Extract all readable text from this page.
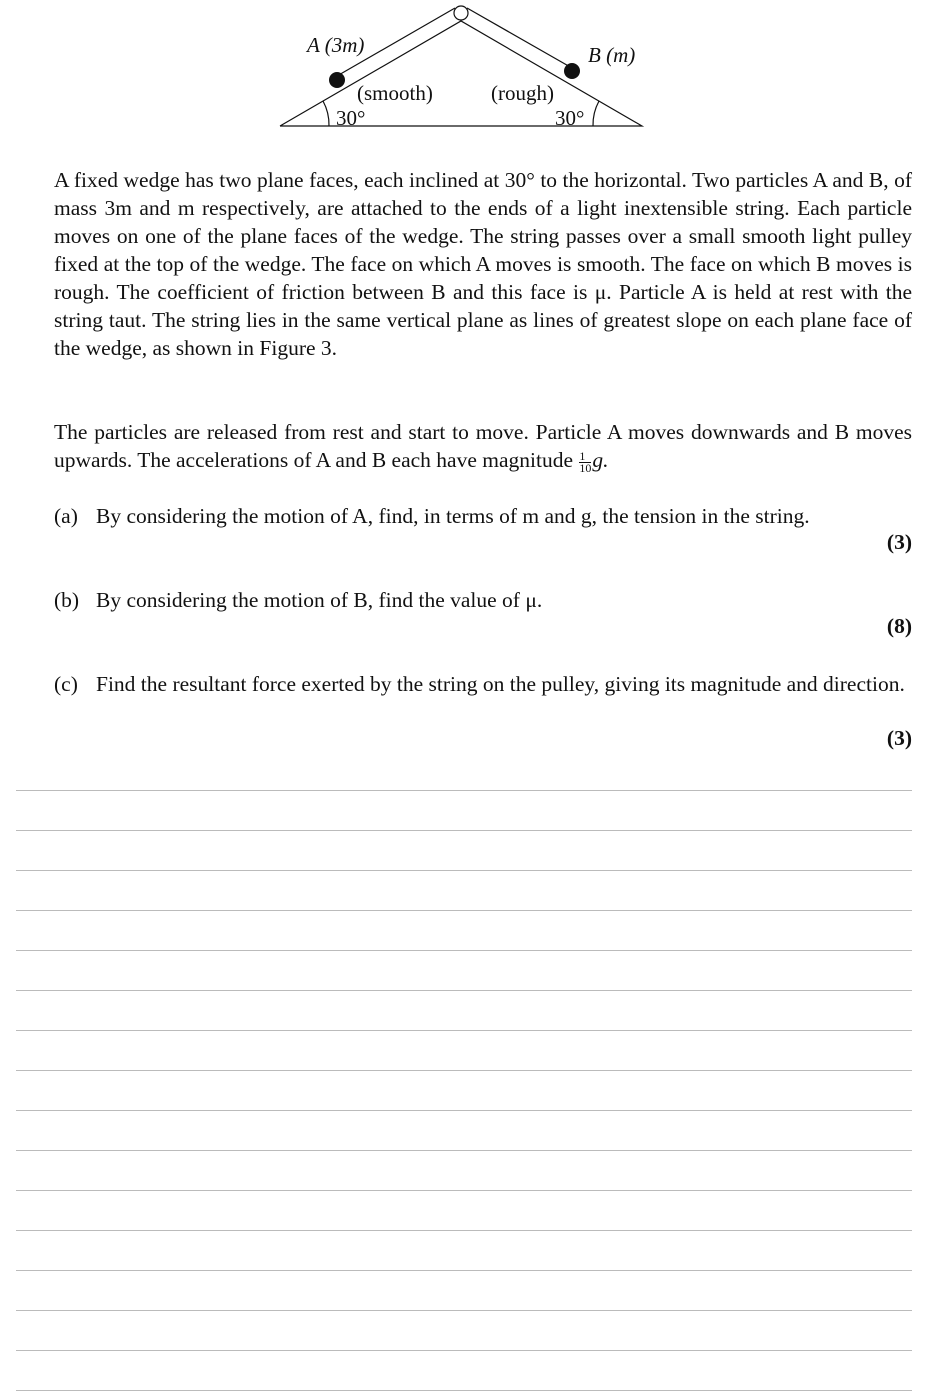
A (3m)	B (m)
(smooth)	(rough)
30°	30°
A fixed wedge has two plane faces, each inclined at 30° to the horizontal. Two particles A and B, of mass 3m and m respectively, are attached to the ends of a light inextensible string. Each particle moves on one of the plane faces of the wedge. The string passes over a small smooth light pulley fixed at the top of the wedge. The face on which A moves is smooth. The face on which B moves is rough. The coefficient of friction between B and this face is μ. Particle A is held at rest with the string taut. The string lies in the same vertical plane as lines of greatest slope on each plane face of the wedge, as shown in Figure 3.
The particles are released from rest and start to move. Particle A moves downwards and B moves upwards. The accelerations of A and B each have magnitude $\frac{1}{10} g$.
(a) By considering the motion of A, find, in terms of m and g, the tension in the string.
(3)
(b) By considering the motion of B, find the value of μ.
(8)
(c) Find the resultant force exerted by the string on the pulley, giving its magnitude and direction.
(3)
